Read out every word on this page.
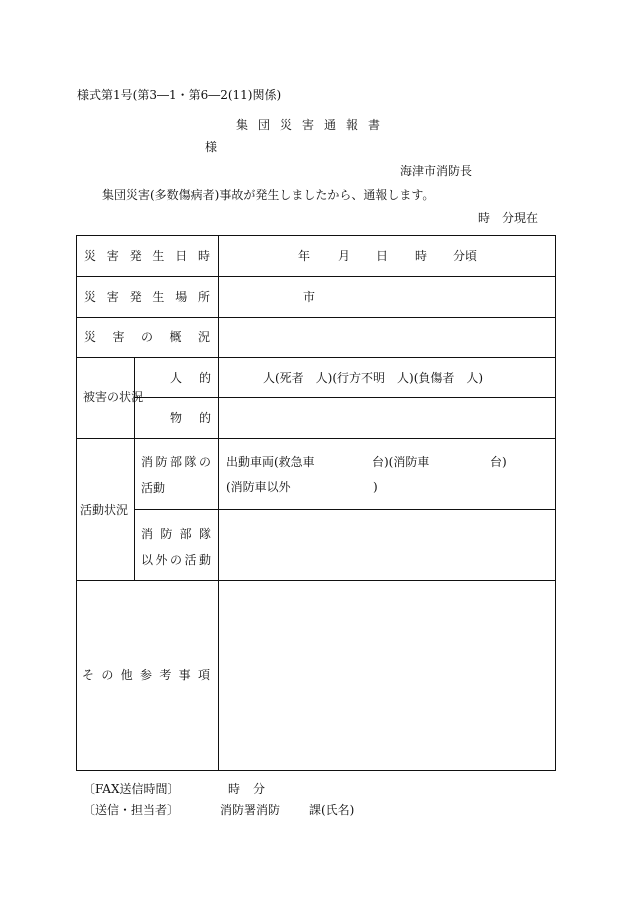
様式第1号(第3―1・第6―2(11)関係)
集団災害通報書
様
海津市消防長
集団災害(多数傷病者)事故が発生しましたから、通報します。
時　分現在
災 害 発 生 日 時	年 月 日 時 分頃
災 害 発 生 場 所	市
災 害 の 概 況
被 害 の 状 況
人 的	人(死者　人)(行方不明　人)(負傷者　人)
物 的
活動状況
消 防 部 隊 の
活動
出動車両(救急車	台)(消防車	台)
(消防車以外	)
消 防 部 隊
以 外 の 活 動
そ の 他 参 考 事 項
〔FAX送信時間〕	時 分
〔送信・担当者〕	消防署消防 課(氏名)
